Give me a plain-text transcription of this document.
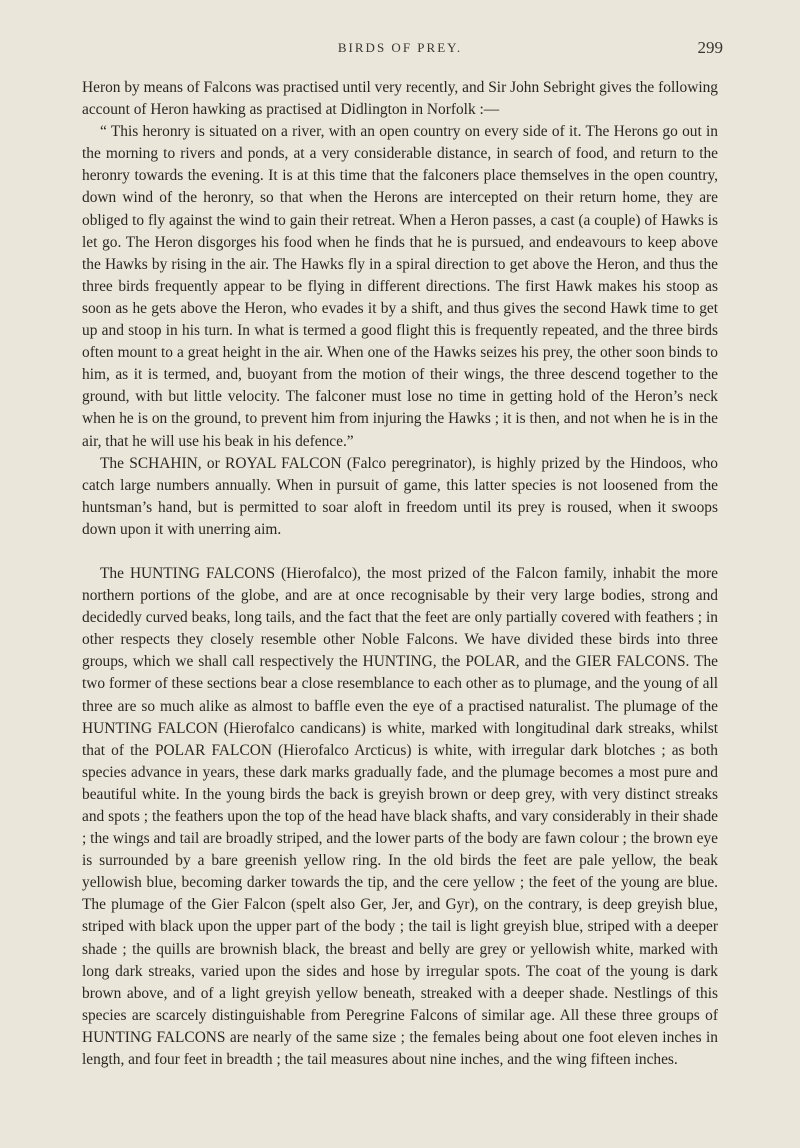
BIRDS OF PREY.	299

Heron by means of Falcons was practised until very recently, and Sir John Sebright gives the following account of Heron hawking as practised at Didlington in Norfolk :—

“ This heronry is situated on a river, with an open country on every side of it. The Herons go out in the morning to rivers and ponds, at a very considerable distance, in search of food, and return to the heronry towards the evening. It is at this time that the falconers place themselves in the open country, down wind of the heronry, so that when the Herons are intercepted on their return home, they are obliged to fly against the wind to gain their retreat. When a Heron passes, a cast (a couple) of Hawks is let go. The Heron disgorges his food when he finds that he is pursued, and endeavours to keep above the Hawks by rising in the air. The Hawks fly in a spiral direction to get above the Heron, and thus the three birds frequently appear to be flying in different directions. The first Hawk makes his stoop as soon as he gets above the Heron, who evades it by a shift, and thus gives the second Hawk time to get up and stoop in his turn. In what is termed a good flight this is frequently repeated, and the three birds often mount to a great height in the air. When one of the Hawks seizes his prey, the other soon binds to him, as it is termed, and, buoyant from the motion of their wings, the three descend together to the ground, with but little velocity. The falconer must lose no time in getting hold of the Heron’s neck when he is on the ground, to prevent him from injuring the Hawks ; it is then, and not when he is in the air, that he will use his beak in his defence.”

The SCHAHIN, or ROYAL FALCON (Falco peregrinator), is highly prized by the Hindoos, who catch large numbers annually. When in pursuit of game, this latter species is not loosened from the huntsman’s hand, but is permitted to soar aloft in freedom until its prey is roused, when it swoops down upon it with unerring aim.

The HUNTING FALCONS (Hierofalco), the most prized of the Falcon family, inhabit the more northern portions of the globe, and are at once recognisable by their very large bodies, strong and decidedly curved beaks, long tails, and the fact that the feet are only partially covered with feathers ; in other respects they closely resemble other Noble Falcons. We have divided these birds into three groups, which we shall call respectively the HUNTING, the POLAR, and the GIER FALCONS. The two former of these sections bear a close resemblance to each other as to plumage, and the young of all three are so much alike as almost to baffle even the eye of a practised naturalist. The plumage of the HUNTING FALCON (Hierofalco candicans) is white, marked with longitudinal dark streaks, whilst that of the POLAR FALCON (Hierofalco Arcticus) is white, with irregular dark blotches ; as both species advance in years, these dark marks gradually fade, and the plumage becomes a most pure and beautiful white. In the young birds the back is greyish brown or deep grey, with very distinct streaks and spots ; the feathers upon the top of the head have black shafts, and vary considerably in their shade ; the wings and tail are broadly striped, and the lower parts of the body are fawn colour ; the brown eye is surrounded by a bare greenish yellow ring. In the old birds the feet are pale yellow, the beak yellowish blue, becoming darker towards the tip, and the cere yellow ; the feet of the young are blue. The plumage of the Gier Falcon (spelt also Ger, Jer, and Gyr), on the contrary, is deep greyish blue, striped with black upon the upper part of the body ; the tail is light greyish blue, striped with a deeper shade ; the quills are brownish black, the breast and belly are grey or yellowish white, marked with long dark streaks, varied upon the sides and hose by irregular spots. The coat of the young is dark brown above, and of a light greyish yellow beneath, streaked with a deeper shade. Nestlings of this species are scarcely distinguishable from Peregrine Falcons of similar age. All these three groups of HUNTING FALCONS are nearly of the same size ; the females being about one foot eleven inches in length, and four feet in breadth ; the tail measures about nine inches, and the wing fifteen inches.
